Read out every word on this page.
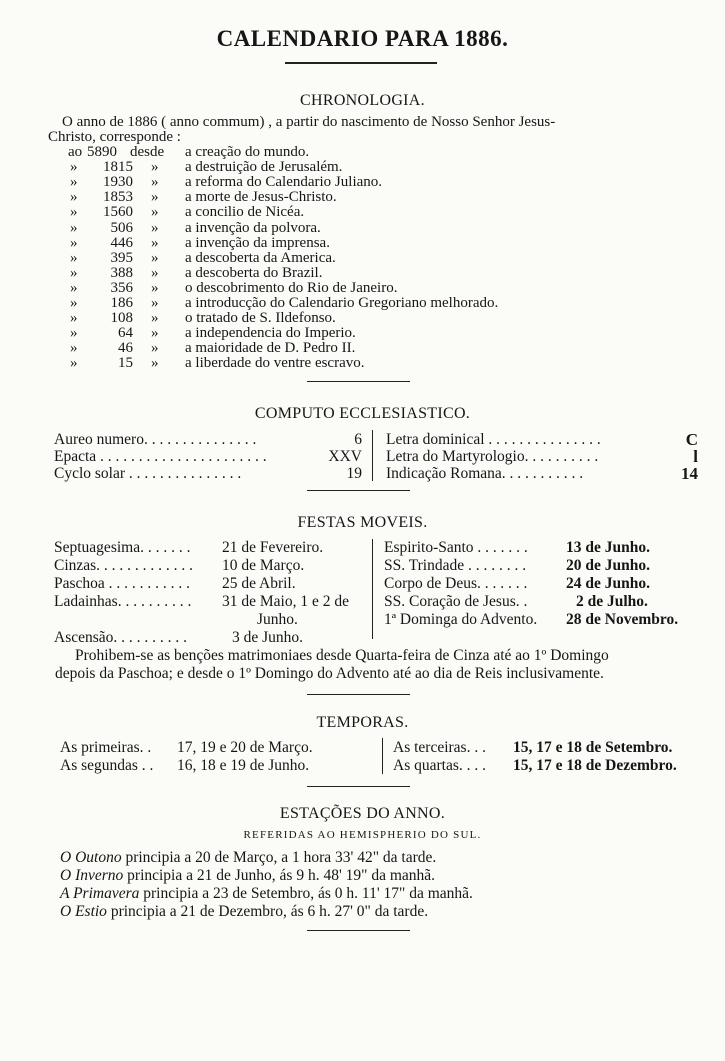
CALENDARIO PARA 1886.
CHRONOLOGIA.
O anno de 1886 ( anno commum) , a partir do nascimento de Nosso Senhor Jesus-
Christo, corresponde :
ao 5890 desde a creação do mundo.
»	1815 » a destruição de Jerusalém.
»	1930 » a reforma do Calendario Juliano.
»	1853 » a morte de Jesus-Christo.
»	1560 » a concilio de Nicéa.
»	506 » a invenção da polvora.
»	446 » a invenção da imprensa.
»	395 » a descoberta da America.
»	388 » a descoberta do Brazil.
»	356 » o descobrimento do Rio de Janeiro.
»	186 » a introducção do Calendario Gregoriano melhorado.
»	108 » o tratado de S. Ildefonso.
»	64 » a independencia do Imperio.
»	46 » a maioridade de D. Pedro II.
»	15 » a liberdade do ventre escravo.
COMPUTO ECCLESIASTICO.
Aureo numero. . . . . . . . . . . . . . .	6 Letra dominical . . . . . . . . . . . . . . .	C
Epacta . . . . . . . . . . . . . . . . . . . . . .	XXV Letra do Martyrologio. . . . . . . . . .	l
Cyclo solar . . . . . . . . . . . . . . .	19 Indicação Romana. . . . . . . . . . .	14
FESTAS MOVEIS.
Septuagesima. . . . . . . 21 de Fevereiro.
Cinzas. . . . . . . . . . . . . 10 de Março.
Paschoa . . . . . . . . . . . 25 de Abril.
Ladainhas. . . . . . . . . . 31 de Maio, 1 e 2 de
Junho.
Ascensão. . . . . . . . . .	3 de Junho.
Espirito-Santo . . . . . . . 13 de Junho.
SS. Trindade . . . . . . . .	20 de Junho.
Corpo de Deus. . . . . . . 24 de Junho.
SS. Coração de Jesus. .	2 de Julho.
1ª Dominga do Advento. 28 de Novembro.
Prohibem-se as benções matrimoniaes desde Quarta-feira de Cinza até ao 1º Domingo
depois da Paschoa; e desde o 1º Domingo do Advento até ao dia de Reis inclusivamente.
TEMPORAS.
As primeiras. . 17, 19 e 20 de Março.	As terceiras. . . 15, 17 e 18 de Setembro.
As segundas . . 16, 18 e 19 de Junho.	As quartas. . . . 15, 17 e 18 de Dezembro.
ESTAÇÕES DO ANNO.
REFERIDAS AO HEMISPHERIO DO SUL.
O Outono principia a 20 de Março, a 1 hora 33' 42" da tarde.
O Inverno principia a 21 de Junho, ás 9 h. 48' 19" da manhã.
A Primavera principia a 23 de Setembro, ás 0 h. 11' 17" da manhã.
O Estio principia a 21 de Dezembro, ás 6 h. 27' 0" da tarde.
